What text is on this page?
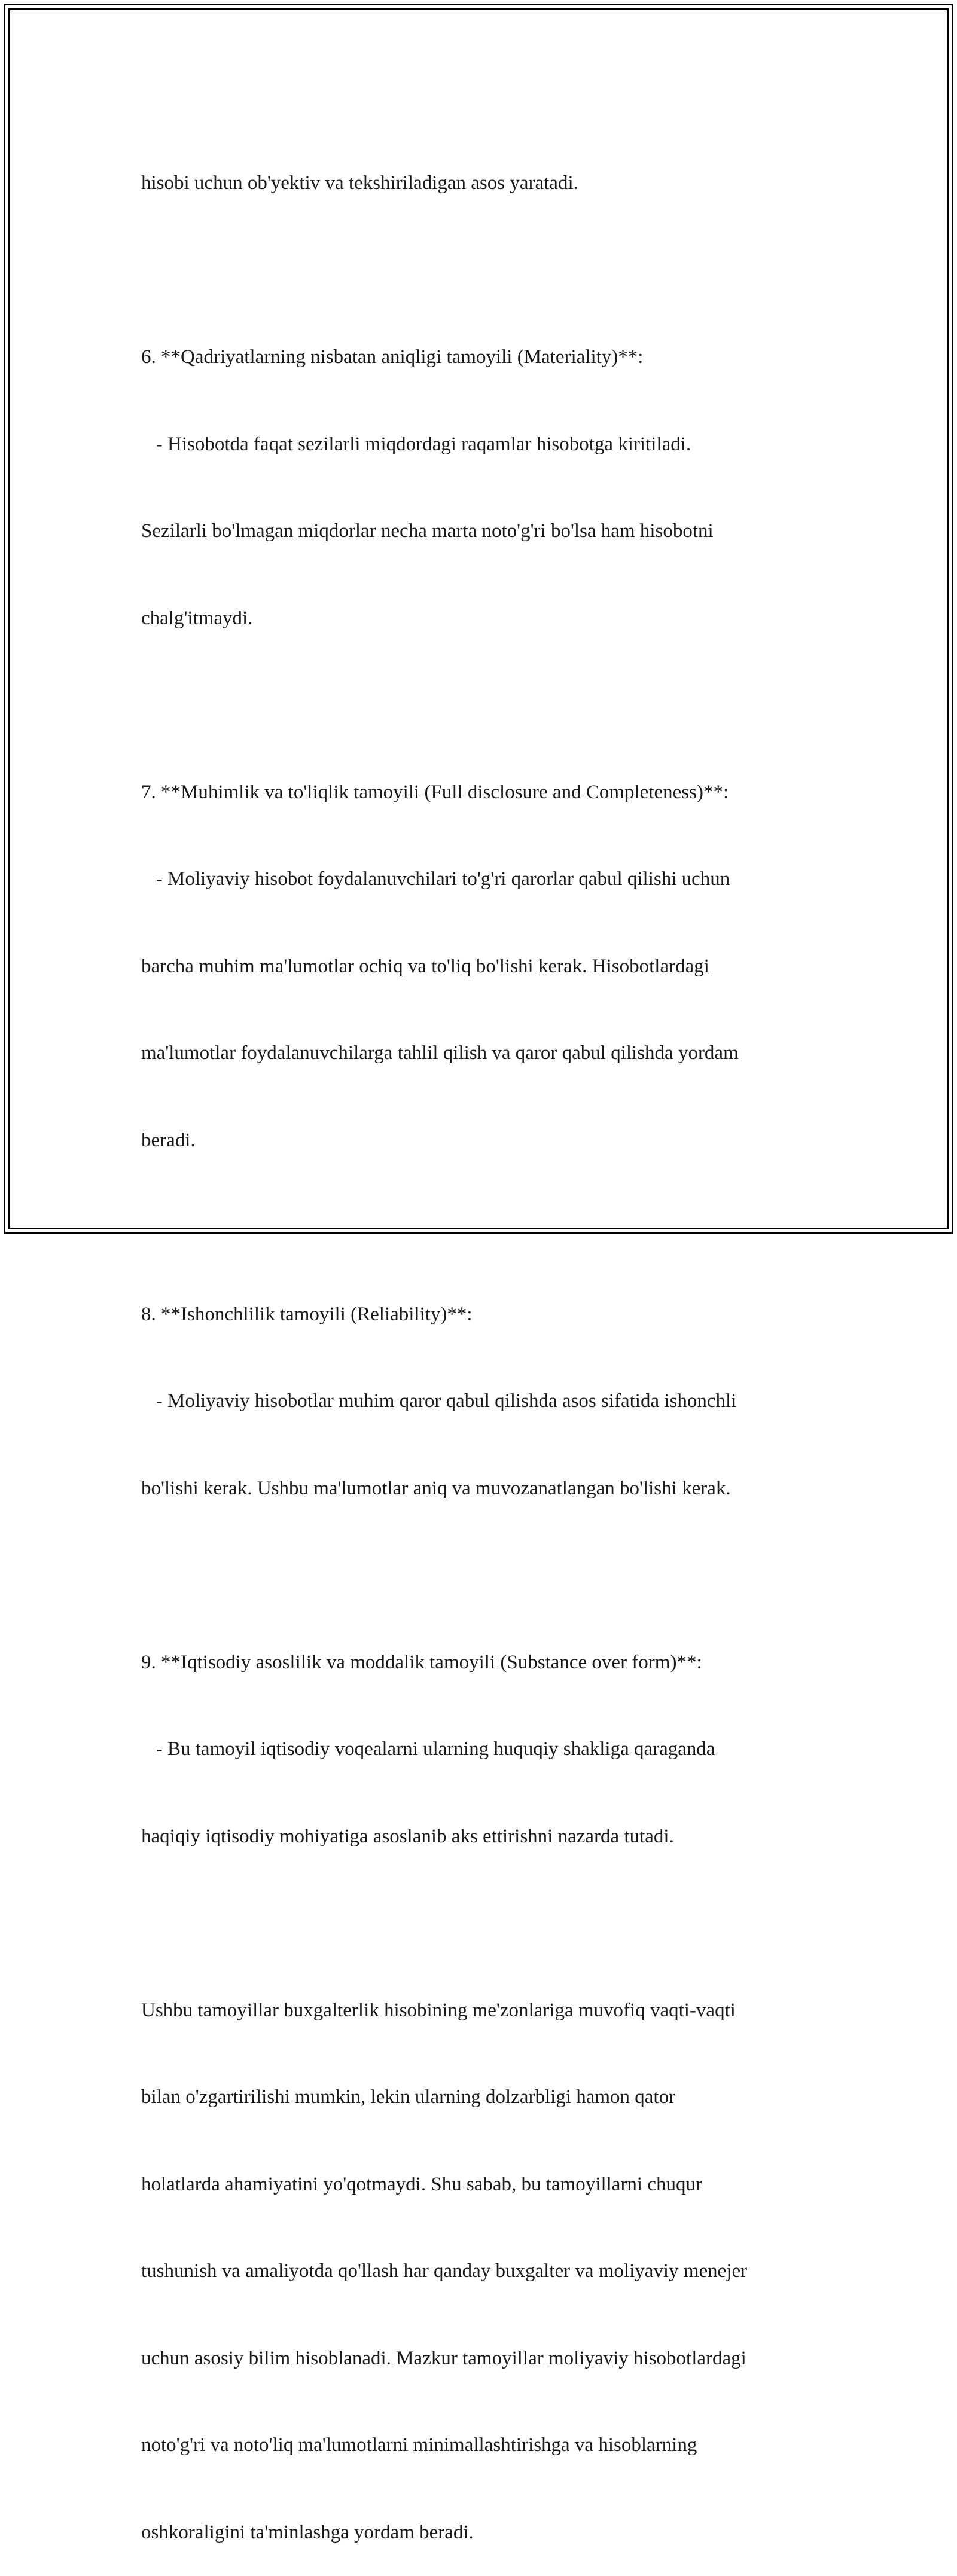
hisobi uchun ob'yektiv va tekshiriladigan asos yaratadi.

6. **Qadriyatlarning nisbatan aniqligi tamoyili (Materiality)**:

- Hisobotda faqat sezilarli miqdordagi raqamlar hisobotga kiritiladi.

Sezilarli bo'lmagan miqdorlar necha marta noto'g'ri bo'lsa ham hisobotni

chalg'itmaydi.

7. **Muhimlik va to'liqlik tamoyili (Full disclosure and Completeness)**:

- Moliyaviy hisobot foydalanuvchilari to'g'ri qarorlar qabul qilishi uchun

barcha muhim ma'lumotlar ochiq va to'liq bo'lishi kerak. Hisobotlardagi

ma'lumotlar foydalanuvchilarga tahlil qilish va qaror qabul qilishda yordam

beradi.

8. **Ishonchlilik tamoyili (Reliability)**:

- Moliyaviy hisobotlar muhim qaror qabul qilishda asos sifatida ishonchli

bo'lishi kerak. Ushbu ma'lumotlar aniq va muvozanatlangan bo'lishi kerak.

9. **Iqtisodiy asoslilik va moddalik tamoyili (Substance over form)**:

- Bu tamoyil iqtisodiy voqealarni ularning huquqiy shakliga qaraganda

haqiqiy iqtisodiy mohiyatiga asoslanib aks ettirishni nazarda tutadi.

Ushbu tamoyillar buxgalterlik hisobining me'zonlariga muvofiq vaqti-vaqti

bilan o'zgartirilishi mumkin, lekin ularning dolzarbligi hamon qator

holatlarda ahamiyatini yo'qotmaydi. Shu sabab, bu tamoyillarni chuqur

tushunish va amaliyotda qo'llash har qanday buxgalter va moliyaviy menejer

uchun asosiy bilim hisoblanadi. Mazkur tamoyillar moliyaviy hisobotlardagi

noto'g'ri va noto'liq ma'lumotlarni minimallashtirishga va hisoblarning

oshkoraligini ta'minlashga yordam beradi.
